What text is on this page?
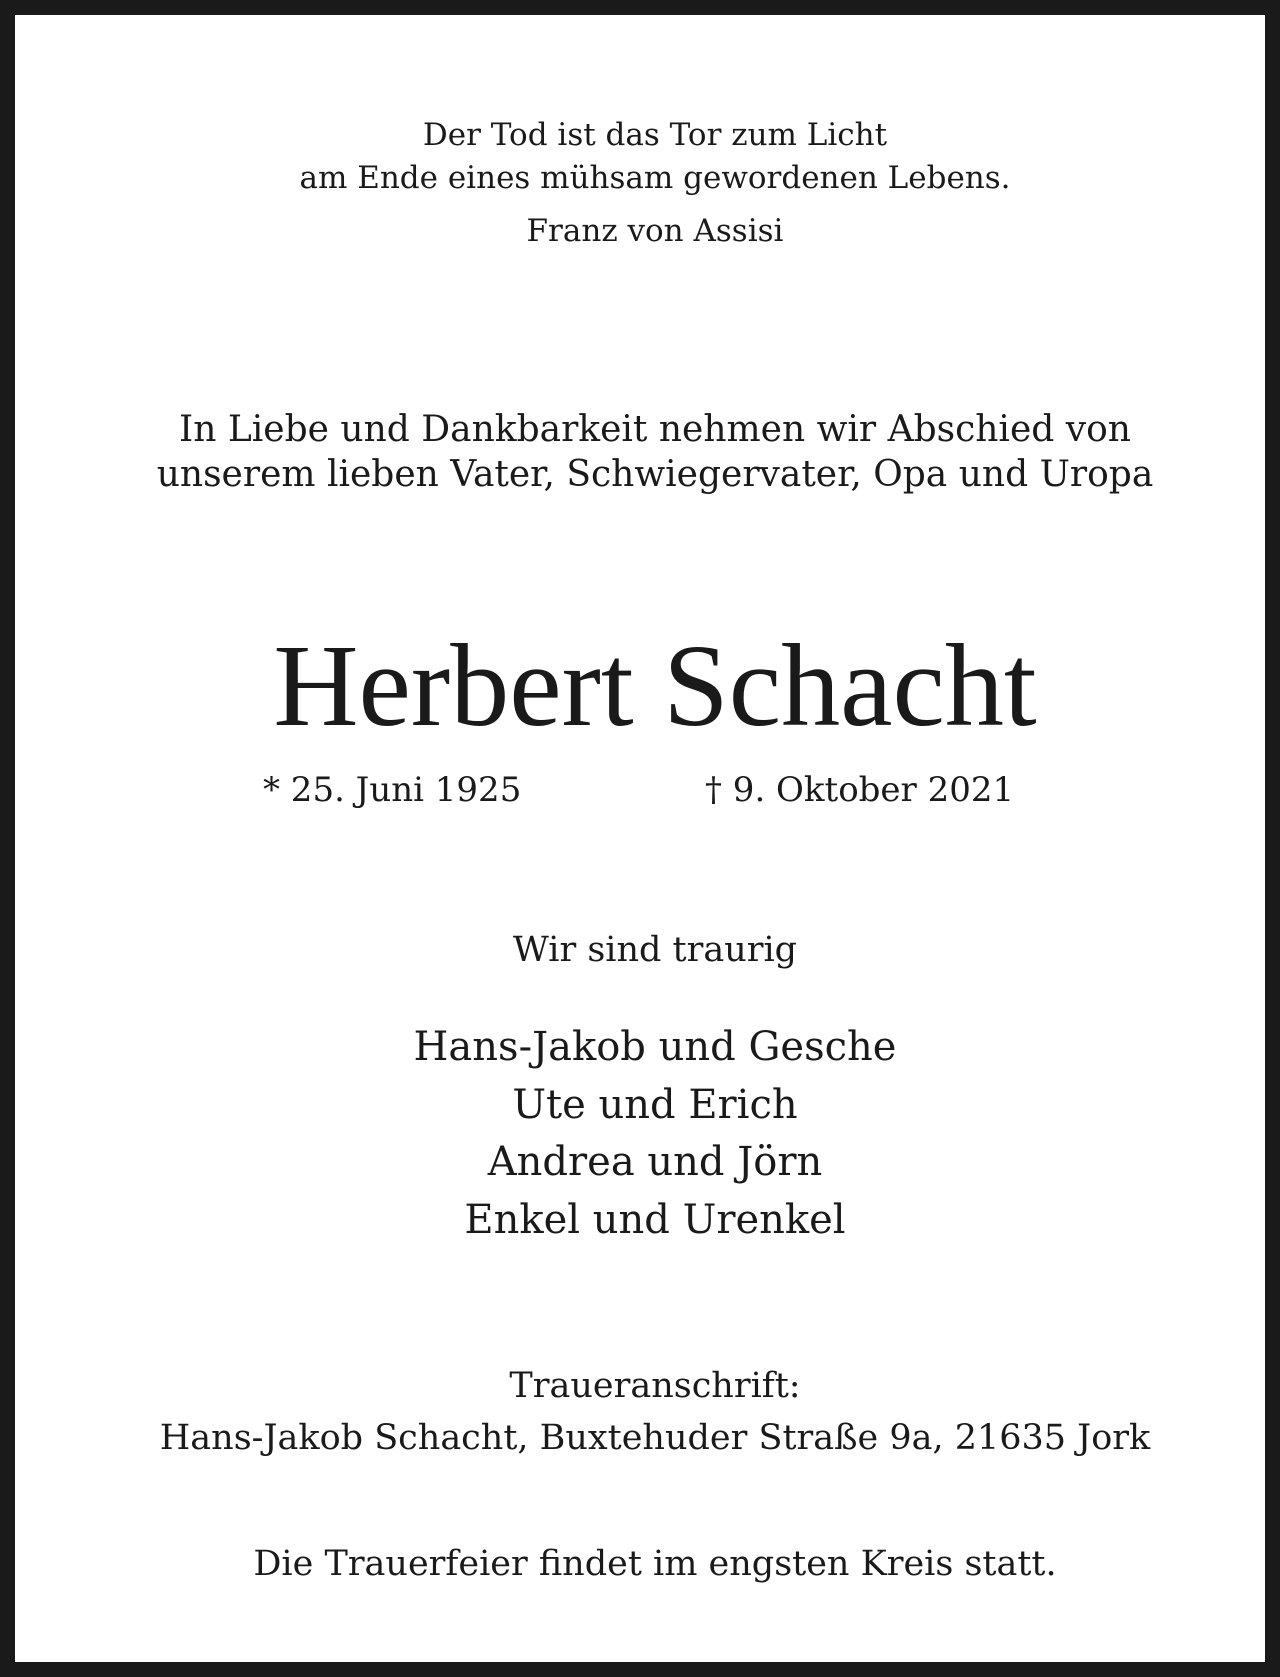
Der Tod ist das Tor zum Licht
am Ende eines mühsam gewordenen Lebens.
Franz von Assisi
In Liebe und Dankbarkeit nehmen wir Abschied von
unserem lieben Vater, Schwiegervater, Opa und Uropa
Herbert Schacht
* 25. Juni 1925	† 9. Oktober 2021
Wir sind traurig
Hans-Jakob und Gesche
Ute und Erich
Andrea und Jörn
Enkel und Urenkel
Traueranschrift:
Hans-Jakob Schacht, Buxtehuder Straße 9a, 21635 Jork
Die Trauerfeier findet im engsten Kreis statt.
